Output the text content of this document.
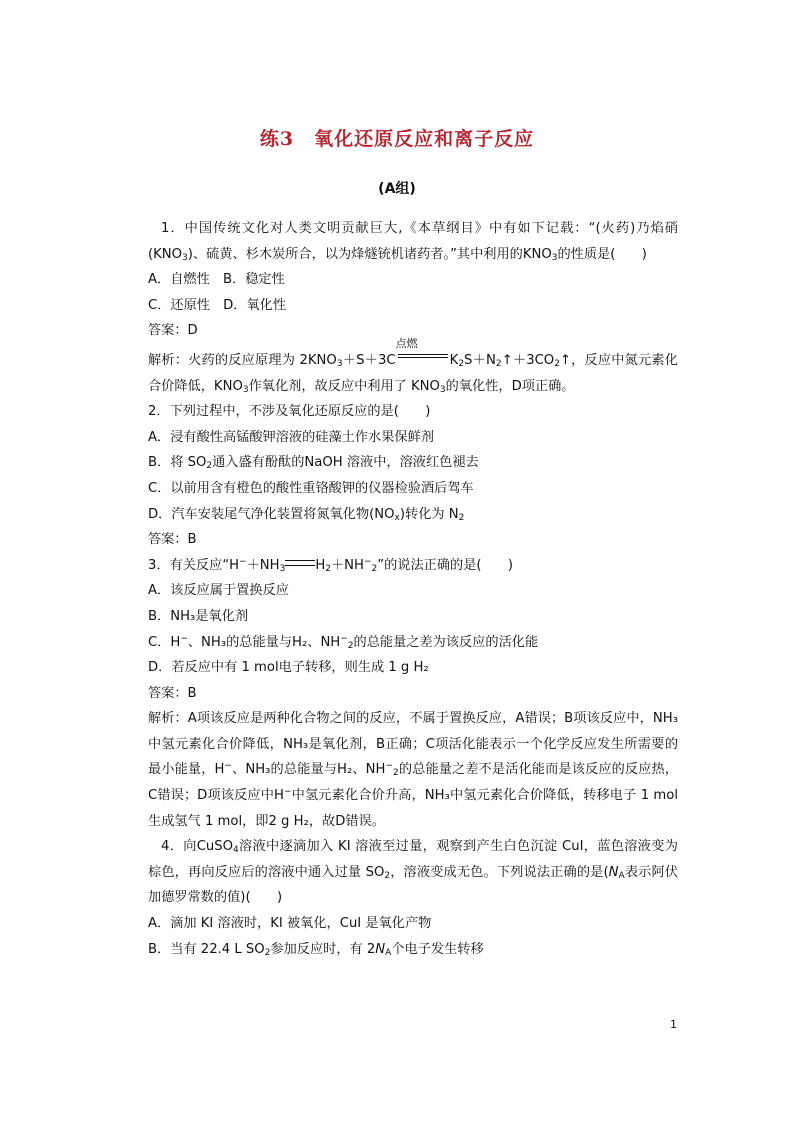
练3　氧化还原反应和离子反应

(A组)

1．中国传统文化对人类文明贡献巨大,《本草纲目》中有如下记载：“(火药)乃焰硝$(KNO_3)$、硫黄、杉木炭所合，以为烽燧铳机诸药者。”其中利用的$KNO_3$的性质是(　　)

A．自燃性　B．稳定性

C．还原性　D．氧化性

答案：D

解析：火药的反应原理为 $2KNO_3+S+3C$
点燃
$K_2S+N_2↑+3CO_2↑$，反应中氮元素化合价降低，$KNO_3$作氧化剂，故反应中利用了 $KNO_3$的氧化性，D项正确。

2．下列过程中，不涉及氧化还原反应的是(　　)

A．浸有酸性高锰酸钾溶液的硅藻土作水果保鲜剂

B．将 $SO_2$通入盛有酚酞的NaOH 溶液中，溶液红色褪去

C．以前用含有橙色的酸性重铬酸钾的仪器检验酒后驾车

D．汽车安装尾气净化装置将氮氧化物$(NO_x)$转化为 $N_2$

答案：B

3．有关反应“$H^-+NH_3$ $H_2+NH^-_2$”的说法正确的是(　　)

A．该反应属于置换反应

B．NH₃是氧化剂

C．H−、NH₃的总能量与H₂、$NH^-_2$的总能量之差为该反应的活化能

D．若反应中有 1 mol电子转移，则生成 1 g H₂

答案：B

解析：A项该反应是两种化合物之间的反应，不属于置换反应，A错误；B项该反应中，NH₃中氢元素化合价降低，NH₃是氧化剂，B正确；C项活化能表示一个化学反应发生所需要的最小能量，H−、NH₃的总能量与H₂、$NH^-_2$的总能量之差不是活化能而是该反应的反应热，C错误；D项该反应中H−中氢元素化合价升高，NH₃中氢元素化合价降低，转移电子 1 mol 生成氢气 1 mol，即2 g H₂，故D错误。

4．向CuSO$_4$溶液中逐滴加入 KI 溶液至过量，观察到产生白色沉淀 CuI，蓝色溶液变为棕色，再向反应后的溶液中通入过量 $SO_2$，溶液变成无色。下列说法正确的是($N_A$表示阿伏加德罗常数的值)(　　)

A．滴加 KI 溶液时，KI 被氧化，CuI 是氧化产物

B．当有 22.4 L $SO_2$参加反应时，有 $2N_A$个电子发生转移

1
